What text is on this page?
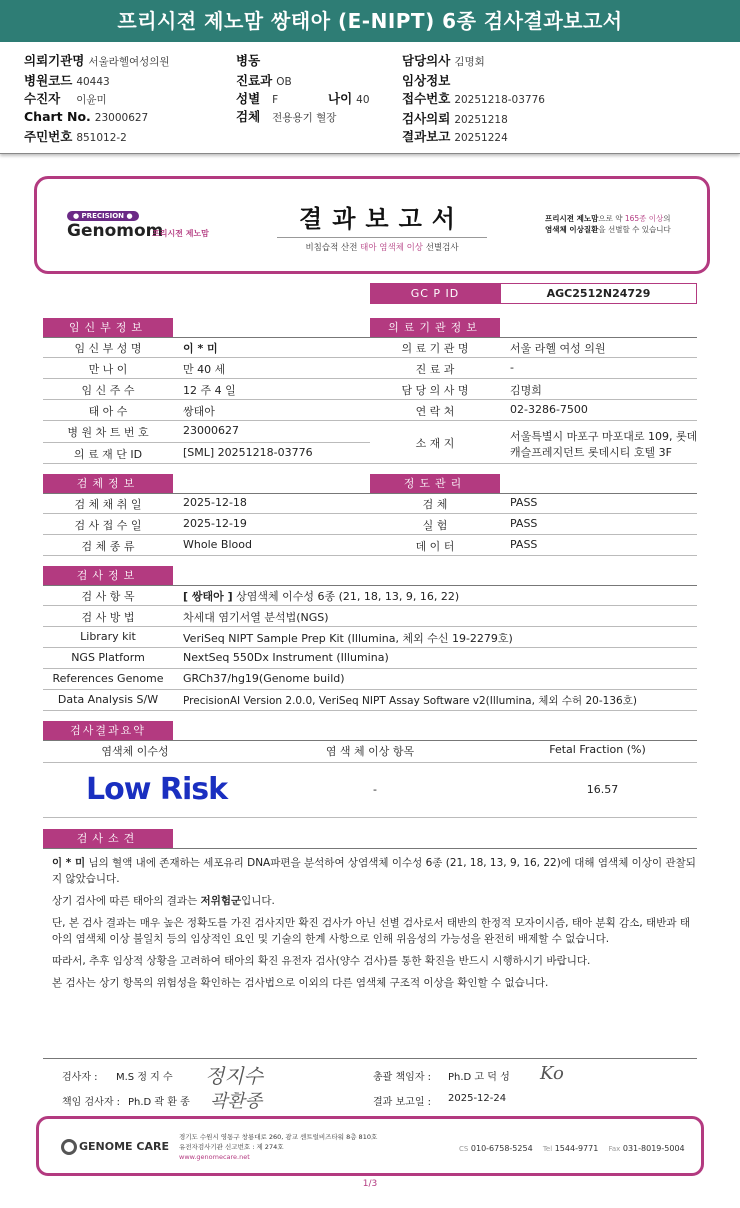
프리시젼 제노맘 쌍태아 (E-NIPT) 6종 검사결과보고서
의뢰기관명 서울라헬여성의원
병원코드 40443
수진자 이윤미
Chart No. 23000627
주민번호 851012-2
병동
진료과 OB
성별 F	나이 40
검체 전용용기 혈장
담당의사 김명회
임상정보
접수번호 20251218-03776
검사의뢰 20251218
결과보고 20251224
● PRECISION ●
Genomom
프리시젼 제노맘
결과보고서
비침습적 산전 태아 염색체 이상 선별검사
프리시젼 제노맘으로 약 165종 이상의
염색체 이상질환을 선별할 수 있습니다
GC P ID	AGC2512N24729
임신부정보	의료기관정보
임 신 부 성 명	이 * 미	의 료 기 관 명	서울 라헬 여성 의원
만 나 이	만 40 세	진 료 과	-
임 신 주 수	12 주 4 일	담 당 의 사 명	김명희
태 아 수	쌍태아	연 락 처	02-3286-7500
병 원 차 트 번 호	23000627
의 료 재 단 ID	[SML] 20251218-03776
소 재 지
서울특별시 마포구 마포대로 109, 롯데
캐슬프레지던트 롯데시티 호텔 3F
검체정보	정도관리
검 체 채 취 일	2025-12-18	검 체	PASS
검 사 접 수 일	2025-12-19	실 험	PASS
검 체 종 류	Whole Blood	데 이 터	PASS
검사정보
검 사 항 목	[ 쌍태아 ] 상염색체 이수성 6종 (21, 18, 13, 9, 16, 22)
검 사 방 법	차세대 염기서열 분석법(NGS)
Library kit	VeriSeq NIPT Sample Prep Kit (Illumina, 체외 수신 19-2279호)
NGS Platform	NextSeq 550Dx Instrument (Illumina)
References Genome	GRCh37/hg19(Genome build)
Data Analysis S/W	PrecisionAI Version 2.0.0, VeriSeq NIPT Assay Software v2(Illumina, 체외 수허 20-136호)
검사결과요약
염색체 이수성	염 색 체 이상 항목	Fetal Fraction (%)
Low Risk	-	16.57
검사소견
이 * 미 님의 혈액 내에 존재하는 세포유리 DNA파편을 분석하여 상염색체 이수성 6종 (21, 18, 13, 9, 16, 22)에 대해 염색체 이상이 관찰되지 않았습니다.
상기 검사에 따른 태아의 결과는 저위험군입니다.
단, 본 검사 결과는 매우 높은 정확도를 가진 검사지만 확진 검사가 아닌 선별 검사로서 태반의 한정적 모자이시즘, 태아 분획 감소, 태반과 태아의 염색체 이상 불일치 등의 임상적인 요인 및 기술의 한계 사항으로 인해 위음성의 가능성을 완전히 배제할 수 없습니다.
따라서, 추후 임상적 상황을 고려하여 태아의 확진 유전자 검사(양수 검사)를 통한 확진을 반드시 시행하시기 바랍니다.
본 검사는 상기 항목의 위험성을 확인하는 검사법으로 이외의 다른 염색체 구조적 이상을 확인할 수 없습니다.
검사자 : M.S 정 지 수 정지수
책임 검사자 : Ph.D 곽 환 종 곽환종
총괄 책임자 : Ph.D 고 덕 성 Ko
결과 보고일 : 2025-12-24
GENOME CARE
경기도 수원시 영통구 창룡대로 260, 광교 센트럴비즈타워 8층 810호
유전자검사기관 신고번호 : 제 274호
www.genomecare.net
CS 010-6758-5254 Tel 1544-9771 Fax 031-8019-5004
1/3
